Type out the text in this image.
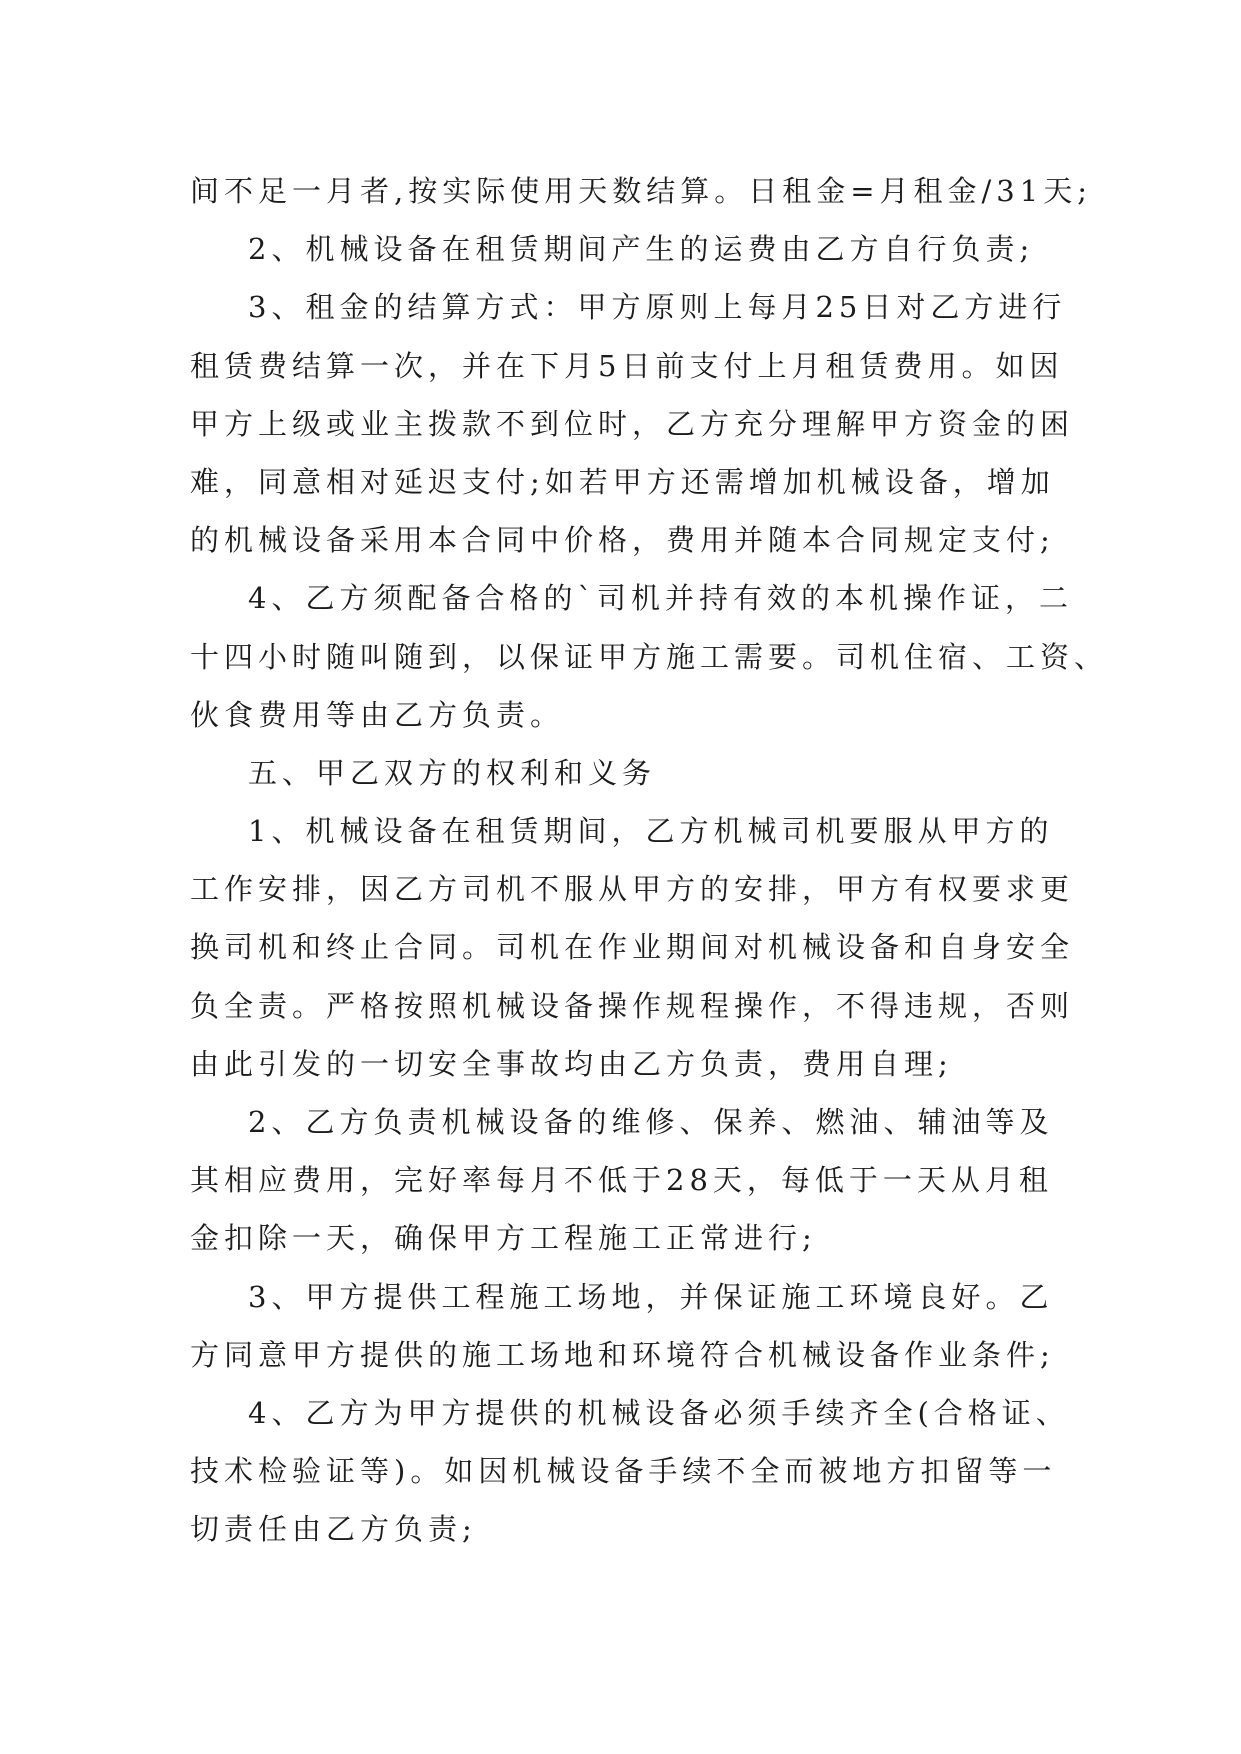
间不足一月者,按实际使用天数结算。日租金=月租金/31天;
2、机械设备在租赁期间产生的运费由乙方自行负责;
3、租金的结算方式：甲方原则上每月25日对乙方进行
租赁费结算一次，并在下月5日前支付上月租赁费用。如因
甲方上级或业主拨款不到位时，乙方充分理解甲方资金的困
难，同意相对延迟支付;如若甲方还需增加机械设备，增加
的机械设备采用本合同中价格，费用并随本合同规定支付;
4、乙方须配备合格的`司机并持有效的本机操作证，二
十四小时随叫随到，以保证甲方施工需要。司机住宿、工资、
伙食费用等由乙方负责。
五、甲乙双方的权利和义务
1、机械设备在租赁期间，乙方机械司机要服从甲方的
工作安排，因乙方司机不服从甲方的安排，甲方有权要求更
换司机和终止合同。司机在作业期间对机械设备和自身安全
负全责。严格按照机械设备操作规程操作，不得违规，否则
由此引发的一切安全事故均由乙方负责，费用自理;
2、乙方负责机械设备的维修、保养、燃油、辅油等及
其相应费用，完好率每月不低于28天，每低于一天从月租
金扣除一天，确保甲方工程施工正常进行;
3、甲方提供工程施工场地，并保证施工环境良好。乙
方同意甲方提供的施工场地和环境符合机械设备作业条件;
4、乙方为甲方提供的机械设备必须手续齐全(合格证、
技术检验证等)。如因机械设备手续不全而被地方扣留等一
切责任由乙方负责;
